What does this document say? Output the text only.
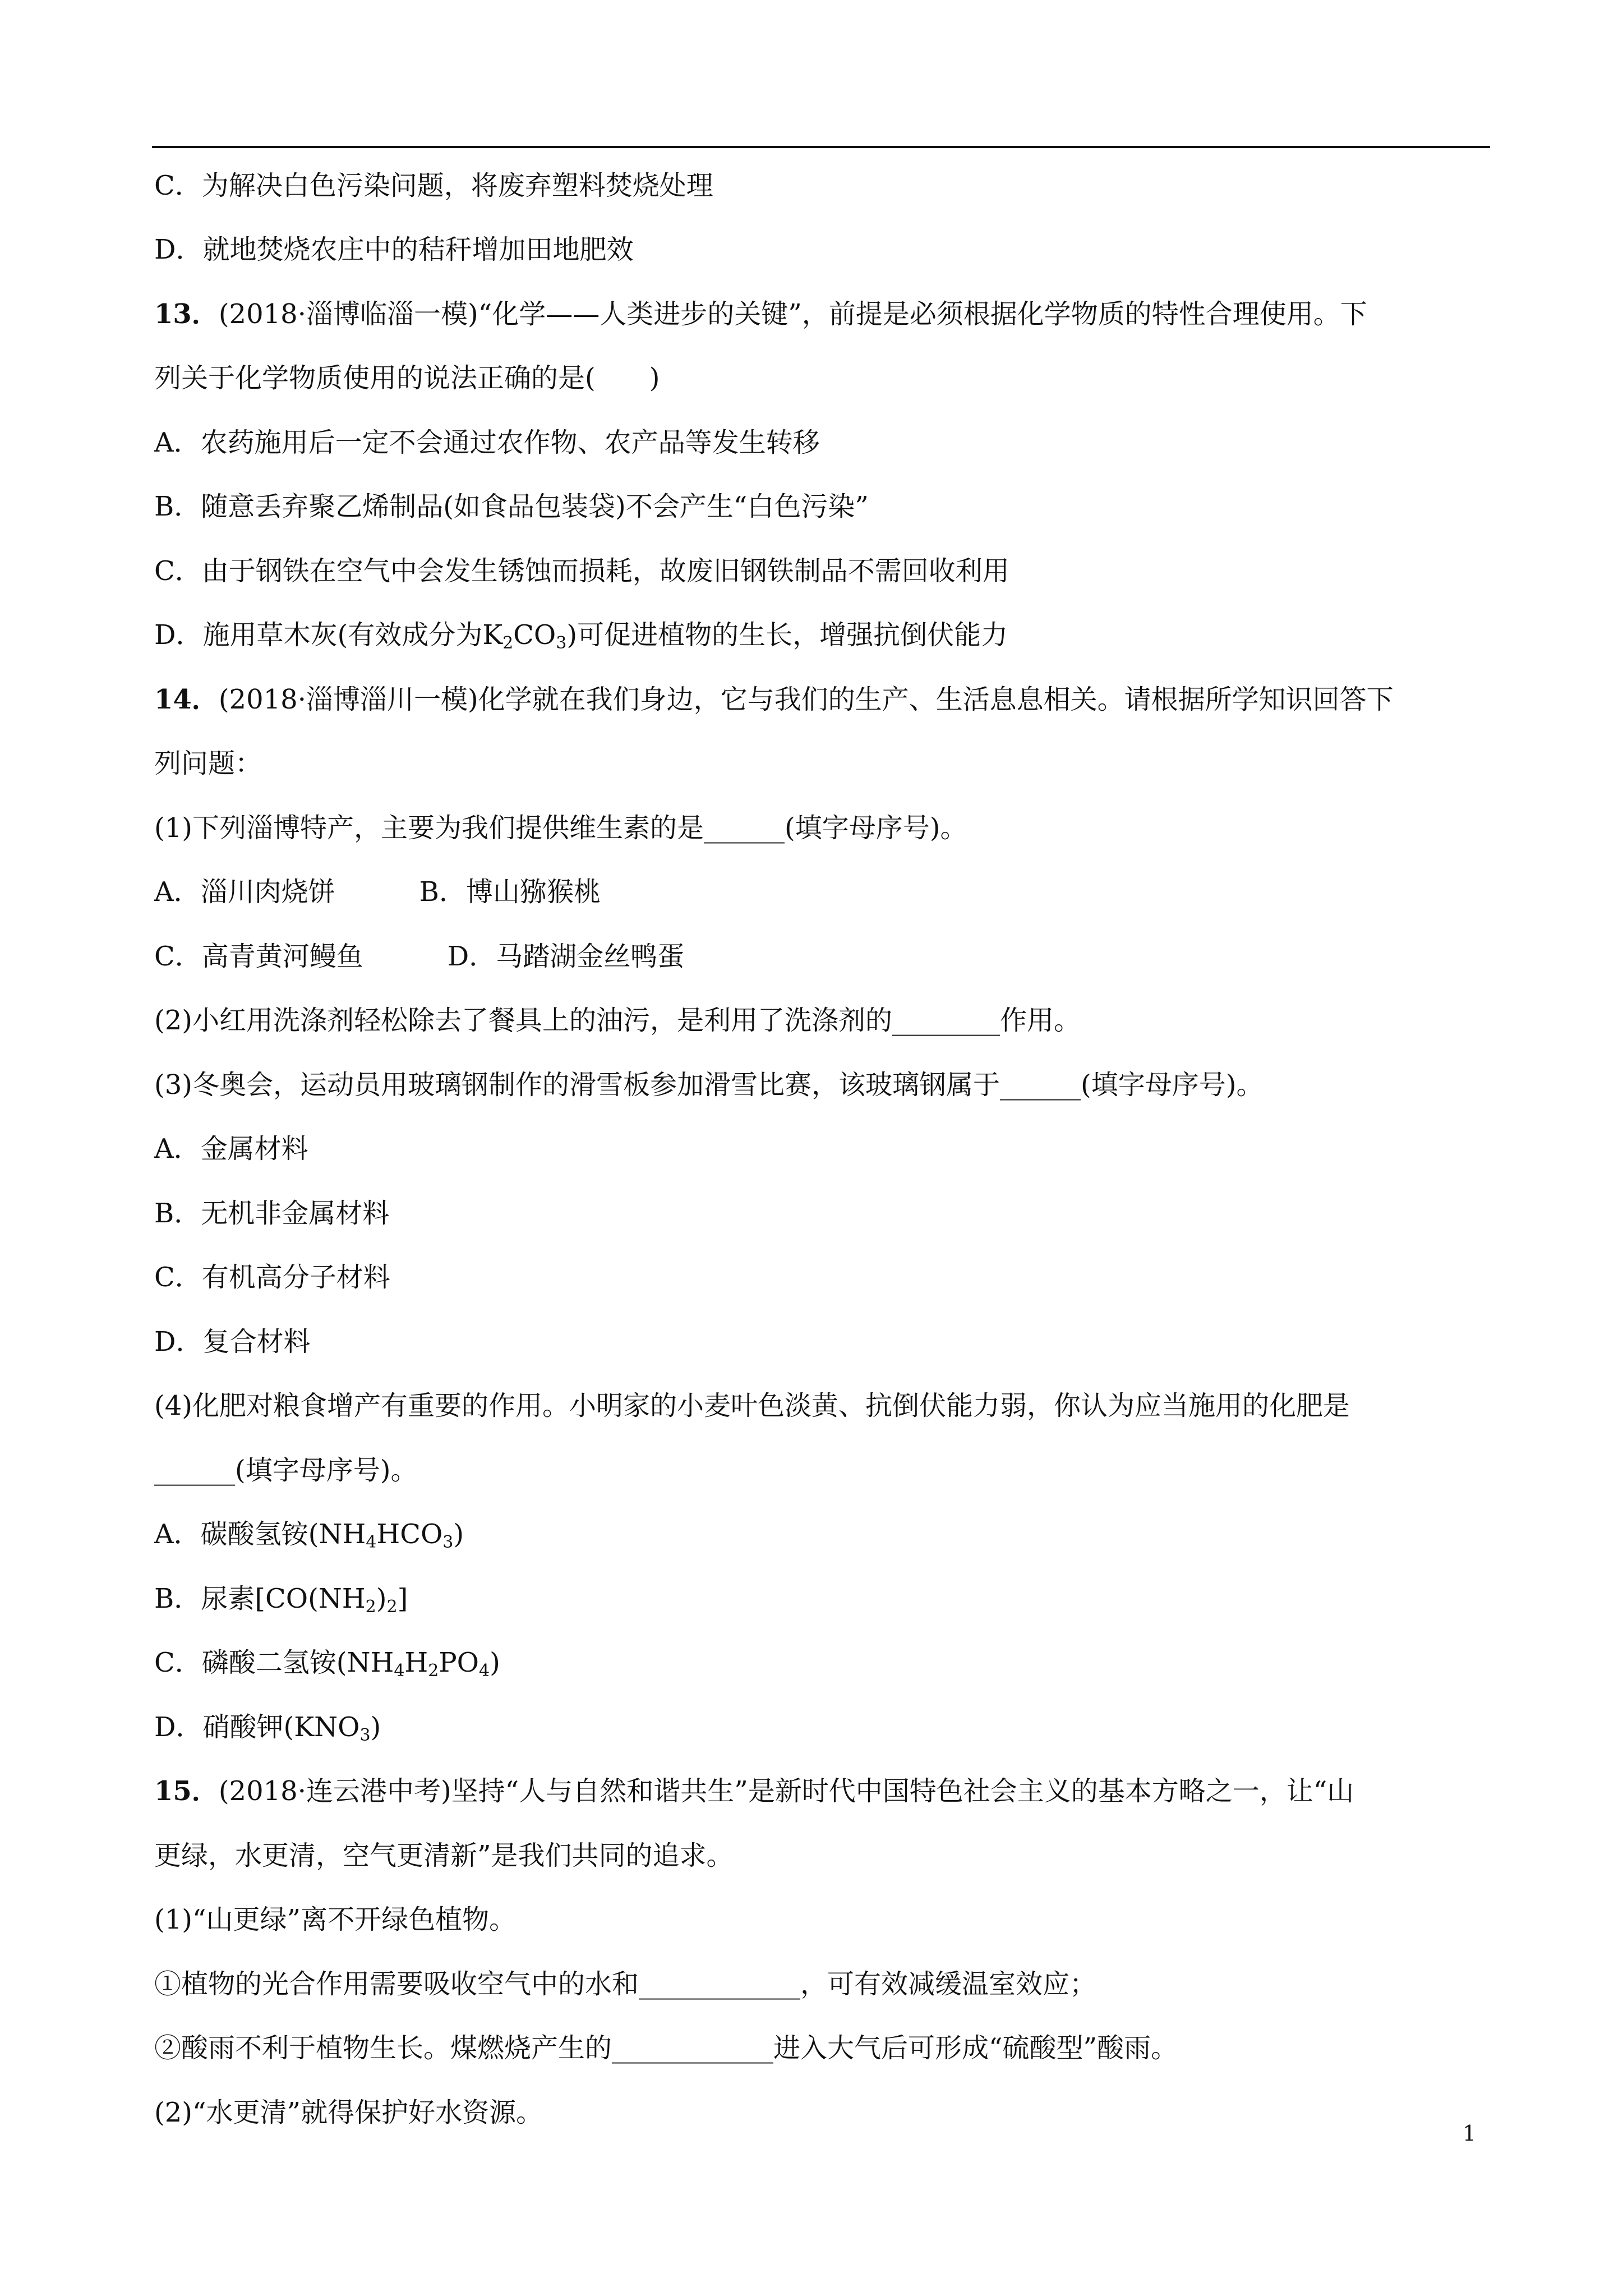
C．为解决白色污染问题，将废弃塑料焚烧处理
D．就地焚烧农庄中的秸秆增加田地肥效
13．(2018·淄博临淄一模)“化学——人类进步的关键”，前提是必须根据化学物质的特性合理使用。下
列关于化学物质使用的说法正确的是(　　)
A．农药施用后一定不会通过农作物、农产品等发生转移
B．随意丢弃聚乙烯制品(如食品包装袋)不会产生“白色污染”
C．由于钢铁在空气中会发生锈蚀而损耗，故废旧钢铁制品不需回收利用
D．施用草木灰(有效成分为$K_2CO_3$)可促进植物的生长，增强抗倒伏能力
14．(2018·淄博淄川一模)化学就在我们身边，它与我们的生产、生活息息相关。请根据所学知识回答下
列问题：
(1)下列淄博特产，主要为我们提供维生素的是______(填字母序号)。
A．淄川肉烧饼	B．博山猕猴桃
C．高青黄河鳗鱼	D．马踏湖金丝鸭蛋
(2)小红用洗涤剂轻松除去了餐具上的油污，是利用了洗涤剂的________作用。
(3)冬奥会，运动员用玻璃钢制作的滑雪板参加滑雪比赛，该玻璃钢属于______(填字母序号)。
A．金属材料
B．无机非金属材料
C．有机高分子材料
D．复合材料
(4)化肥对粮食增产有重要的作用。小明家的小麦叶色淡黄、抗倒伏能力弱，你认为应当施用的化肥是
______(填字母序号)。
A．碳酸氢铵$(NH_4HCO_3)$
B．尿素$[CO(NH_2)_2]$
C．磷酸二氢铵$(NH_4H_2PO_4)$
D．硝酸钾$(KNO_3)$
15．(2018·连云港中考)坚持“人与自然和谐共生”是新时代中国特色社会主义的基本方略之一，让“山
更绿，水更清，空气更清新”是我们共同的追求。
(1)“山更绿”离不开绿色植物。
①植物的光合作用需要吸收空气中的水和____________，可有效减缓温室效应；
②酸雨不利于植物生长。煤燃烧产生的____________进入大气后可形成“硫酸型”酸雨。
(2)“水更清”就得保护好水资源。
1
